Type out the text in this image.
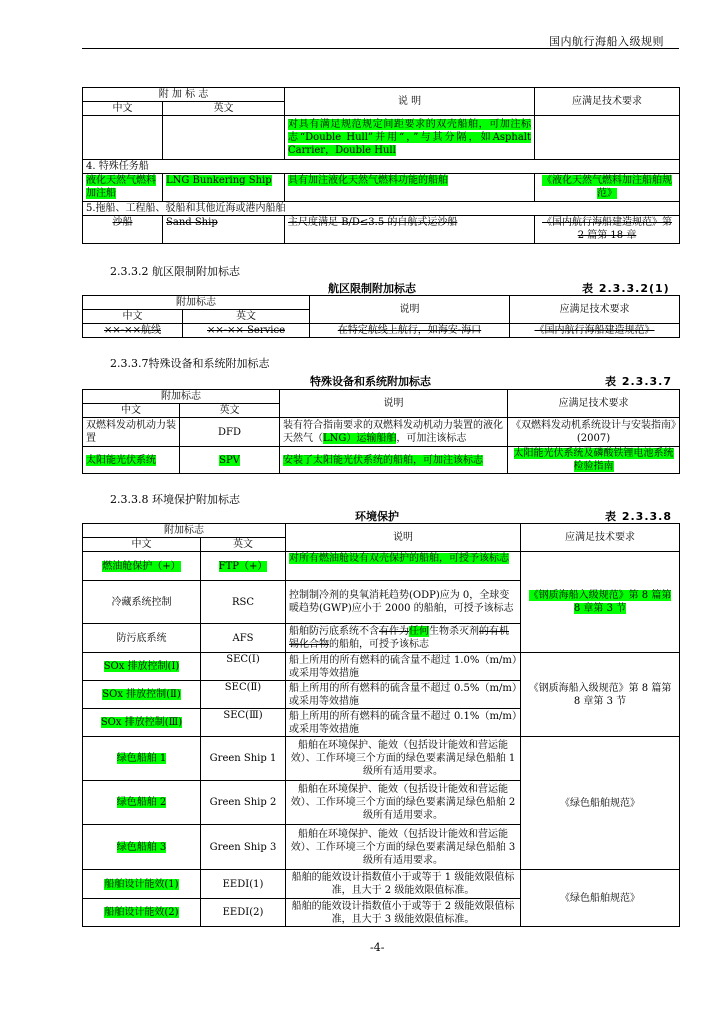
国内航行海船入级规则
附 加 标 志		说 明	应满足技术要求
中文	英文		
		对具有满足规范规定间距要求的双壳船舶，可加注标志“Double Hull”并用“，”与其分隔，如Asphalt Carrier，Double Hull	
4. 特殊任务船			
液化天然气燃料加注船	LNG Bunkering Ship	具有加注液化天然气燃料功能的船舶	《液化天然气燃料加注船舶规范》
5.拖船、工程船、驳船和其他近海或港内船舶			
沙船	Sand Ship	主尺度满足 B/D≤3.5 的自航式运沙船	《国内航行海船建造规范》第 2 篇第 18 章
2.3.3.2 航区限制附加标志
航区限制附加标志	表 2.3.3.2(1)
附加标志		说明	应满足技术要求
中文	英文		
××-××航线	××-×× Service	在特定航线上航行，如海安-海口	《国内航行海船建造规范》
2.3.3.7特殊设备和系统附加标志
特殊设备和系统附加标志	表 2.3.3.7
附加标志		说明	应满足技术要求
中文	英文		
双燃料发动机动力装置	DFD	装有符合指南要求的双燃料发动机动力装置的液化天然气（LNG）运输船舶，可加注该标志	《双燃料发动机系统设计与安装指南》(2007)
太阳能光伏系统	SPV	安装了太阳能光伏系统的船舶，可加注该标志	太阳能光伏系统及磷酸铁锂电池系统检验指南
2.3.3.8 环境保护附加标志
环境保护	表 2.3.3.8
附加标志		说明	应满足技术要求
中文	英文		
燃油舱保护（+）	FTP（+）	对所有燃油舱设有双壳保护的船舶，可授予该标志	《钢质海船入级规范》第 8 篇第 8 章第 3 节
冷藏系统控制	RSC	控制制冷剂的臭氧消耗趋势(ODP)应为 0，全球变暖趋势(GWP)应小于 2000 的船舶，可授予该标志	
防污底系统	AFS	船舶防污底系统不含有作为任何生物杀灭剂的有机锡化合物的船舶，可授予该标志	
SOx 排放控制(Ⅰ)	SEC(Ⅰ)	船上所用的所有燃料的硫含量不超过 1.0%（m/m）或采用等效措施	《钢质海船入级规范》第 8 篇第 8 章第 3 节
SOx 排放控制(Ⅱ)	SEC(Ⅱ)	船上所用的所有燃料的硫含量不超过 0.5%（m/m）或采用等效措施	
SOx 排放控制(Ⅲ)	SEC(Ⅲ)	船上所用的所有燃料的硫含量不超过 0.1%（m/m）或采用等效措施	
绿色船舶 1	Green Ship 1	船舶在环境保护、能效（包括设计能效和营运能效）、工作环境三个方面的绿色要素满足绿色船舶 1级所有适用要求。	《绿色船舶规范》
绿色船舶 2	Green Ship 2	船舶在环境保护、能效（包括设计能效和营运能效）、工作环境三个方面的绿色要素满足绿色船舶 2级所有适用要求。	
绿色船舶 3	Green Ship 3	船舶在环境保护、能效（包括设计能效和营运能效）、工作环境三个方面的绿色要素满足绿色船舶 3级所有适用要求。	
船舶设计能效(1)	EEDI(1)	船舶的能效设计指数值小于或等于 1 级能效限值标准，且大于 2 级能效限值标准。	《绿色船舶规范》
船舶设计能效(2)	EEDI(2)	船舶的能效设计指数值小于或等于 2 级能效限值标准，且大于 3 级能效限值标准。	
-4-
